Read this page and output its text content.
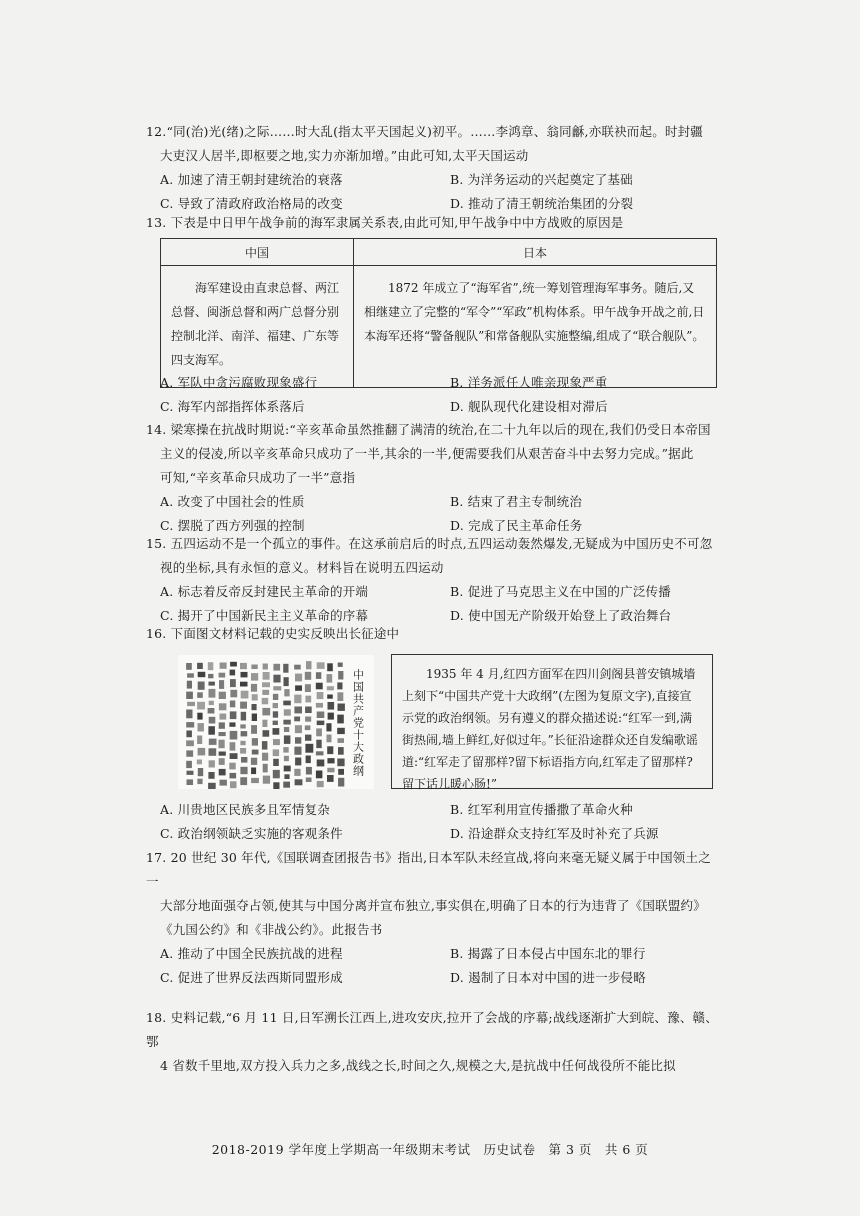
12.“同(治)光(绪)之际……时大乱(指太平天国起义)初平。……李鸿章、翁同龢,亦联袂而起。时封疆

大吏汉人居半,即枢要之地,实力亦渐加增。”由此可知,太平天国运动

A. 加速了清王朝封建统治的衰落	B. 为洋务运动的兴起奠定了基础
C. 导致了清政府政治格局的改变	D. 推动了清王朝统治集团的分裂

13. 下表是中日甲午战争前的海军隶属关系表,由此可知,甲午战争中中方战败的原因是

中国	日本
海军建设由直隶总督、两江总督、闽浙总督和两广总督分别控制北洋、南洋、福建、广东等四支海军。	1872 年成立了“海军省”,统一筹划管理海军事务。随后,又相继建立了完整的“军令”“军政”机构体系。甲午战争开战之前,日本海军还将“警备舰队”和常备舰队实施整编,组成了“联合舰队”。
A. 军队中贪污腐败现象盛行	B. 洋务派任人唯亲现象严重
C. 海军内部指挥体系落后	D. 舰队现代化建设相对滞后

14. 梁寒操在抗战时期说:“辛亥革命虽然推翻了满清的统治,在二十九年以后的现在,我们仍受日本帝国

主义的侵凌,所以辛亥革命只成功了一半,其余的一半,便需要我们从艰苦奋斗中去努力完成。”据此

可知,“辛亥革命只成功了一半”意指

A. 改变了中国社会的性质	B. 结束了君主专制统治
C. 摆脱了西方列强的控制	D. 完成了民主革命任务

15. 五四运动不是一个孤立的事件。在这承前启后的时点,五四运动轰然爆发,无疑成为中国历史不可忽

视的坐标,具有永恒的意义。材料旨在说明五四运动

A. 标志着反帝反封建民主革命的开端	B. 促进了马克思主义在中国的广泛传播
C. 揭开了中国新民主主义革命的序幕	D. 使中国无产阶级开始登上了政治舞台

16. 下面图文材料记载的史实反映出长征途中

中国共产党十大政纲	1935 年 4 月,红四方面军在四川剑阁县普安镇城墙上刻下“中国共产党十大政纲”(左图为复原文字),直接宣示党的政治纲领。另有遵义的群众描述说:“红军一到,满街热闹,墙上鲜红,好似过年。”长征沿途群众还自发编歌谣道:“红军走了留那样?留下标语指方向,红军走了留那样?留下话儿暖心肠!”

A. 川贵地区民族多且军情复杂	B. 红军利用宣传播撒了革命火种
C. 政治纲领缺乏实施的客观条件	D. 沿途群众支持红军及时补充了兵源

17. 20 世纪 30 年代,《国联调查团报告书》指出,日本军队未经宣战,将向来毫无疑义属于中国领土之一

大部分地面强夺占领,使其与中国分离并宣布独立,事实俱在,明确了日本的行为违背了《国联盟约》

《九国公约》和《非战公约》。此报告书

A. 推动了中国全民族抗战的进程	B. 揭露了日本侵占中国东北的罪行
C. 促进了世界反法西斯同盟形成	D. 遏制了日本对中国的进一步侵略

18. 史料记载,“6 月 11 日,日军溯长江西上,进攻安庆,拉开了会战的序幕;战线逐渐扩大到皖、豫、赣、鄂

4 省数千里地,双方投入兵力之多,战线之长,时间之久,规模之大,是抗战中任何战役所不能比拟

2018-2019 学年度上学期高一年级期末考试　历史试卷　第 3 页　共 6 页
